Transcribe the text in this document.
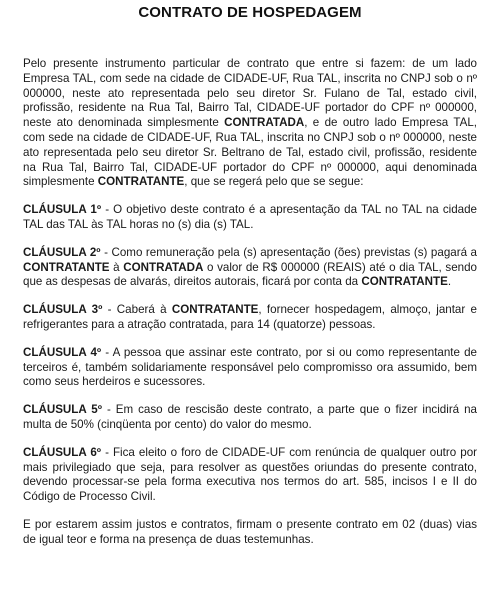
CONTRATO DE HOSPEDAGEM

Pelo presente instrumento particular de contrato que entre si fazem: de um lado Empresa TAL, com sede na cidade de CIDADE-UF, Rua TAL, inscrita no CNPJ sob o nº 000000, neste ato representada pelo seu diretor Sr. Fulano de Tal, estado civil, profissão, residente na Rua Tal, Bairro Tal, CIDADE-UF portador do CPF nº 000000, neste ato denominada simplesmente CONTRATADA, e de outro lado Empresa TAL, com sede na cidade de CIDADE-UF, Rua TAL, inscrita no CNPJ sob o nº 000000, neste ato representada pelo seu diretor Sr. Beltrano de Tal, estado civil, profissão, residente na Rua Tal, Bairro Tal, CIDADE-UF portador do CPF nº 000000, aqui denominada simplesmente CONTRATANTE, que se regerá pelo que se segue:

CLÁUSULA 1º - O objetivo deste contrato é a apresentação da TAL no TAL na cidade TAL das TAL às TAL horas no (s) dia (s) TAL.

CLÁUSULA 2º - Como remuneração pela (s) apresentação (ões) previstas (s) pagará a CONTRATANTE à CONTRATADA o valor de R$ 000000 (REAIS) até o dia TAL, sendo que as despesas de alvarás, direitos autorais, ficará por conta da CONTRATANTE.

CLÁUSULA 3º - Caberá à CONTRATANTE, fornecer hospedagem, almoço, jantar e refrigerantes para a atração contratada, para 14 (quatorze) pessoas.

CLÁUSULA 4º - A pessoa que assinar este contrato, por si ou como representante de terceiros é, também solidariamente responsável pelo compromisso ora assumido, bem como seus herdeiros e sucessores.

CLÁUSULA 5º - Em caso de rescisão deste contrato, a parte que o fizer incidirá na multa de 50% (cinqüenta por cento) do valor do mesmo.

CLÁUSULA 6º - Fica eleito o foro de CIDADE-UF com renúncia de qualquer outro por mais privilegiado que seja, para resolver as questões oriundas do presente contrato, devendo processar-se pela forma executiva nos termos do art. 585, incisos I e II do Código de Processo Civil.

E por estarem assim justos e contratos, firmam o presente contrato em 02 (duas) vias de igual teor e forma na presença de duas testemunhas.
